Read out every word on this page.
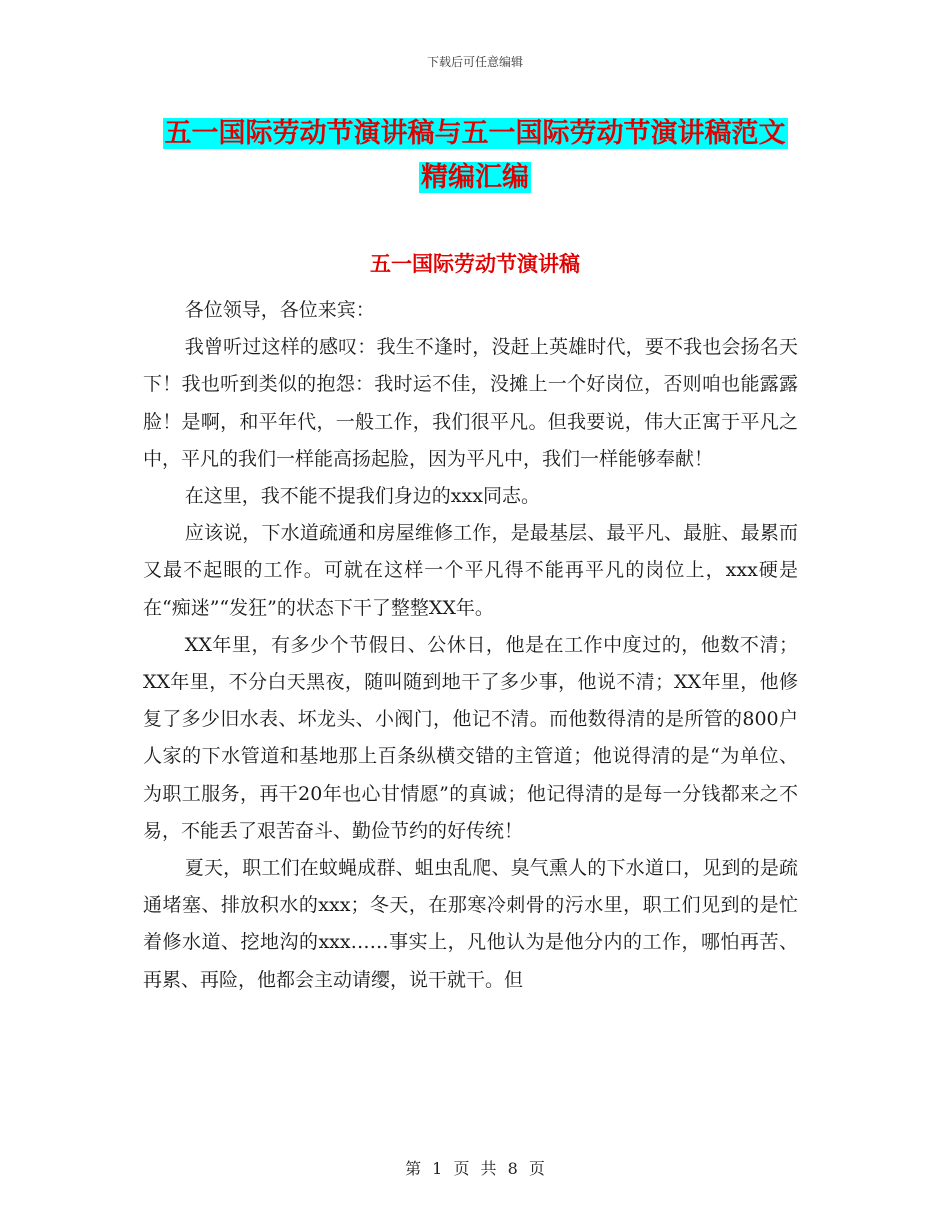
下载后可任意编辑
五一国际劳动节演讲稿与五一国际劳动节演讲稿范文
精编汇编
五一国际劳动节演讲稿

各位领导，各位来宾：

我曾听过这样的感叹：我生不逢时，没赶上英雄时代，要不我也会扬名天下！我也听到类似的抱怨：我时运不佳，没摊上一个好岗位，否则咱也能露露脸！是啊，和平年代，一般工作，我们很平凡。但我要说，伟大正寓于平凡之中，平凡的我们一样能高扬起脸，因为平凡中，我们一样能够奉献！

在这里，我不能不提我们身边的xxx同志。

应该说，下水道疏通和房屋维修工作，是最基层、最平凡、最脏、最累而又最不起眼的工作。可就在这样一个平凡得不能再平凡的岗位上，xxx硬是在“痴迷”“发狂”的状态下干了整整XX年。

XX年里，有多少个节假日、公休日，他是在工作中度过的，他数不清；XX年里，不分白天黑夜，随叫随到地干了多少事，他说不清；XX年里，他修复了多少旧水表、坏龙头、小阀门，他记不清。而他数得清的是所管的800户人家的下水管道和基地那上百条纵横交错的主管道；他说得清的是“为单位、为职工服务，再干20年也心甘情愿”的真诚；他记得清的是每一分钱都来之不易，不能丢了艰苦奋斗、勤俭节约的好传统！

夏天，职工们在蚊蝇成群、蛆虫乱爬、臭气熏人的下水道口，见到的是疏通堵塞、排放积水的xxx；冬天，在那寒冷刺骨的污水里，职工们见到的是忙着修水道、挖地沟的xxx……事实上，凡他认为是他分内的工作，哪怕再苦、再累、再险，他都会主动请缨，说干就干。但

第 1 页 共 8 页
